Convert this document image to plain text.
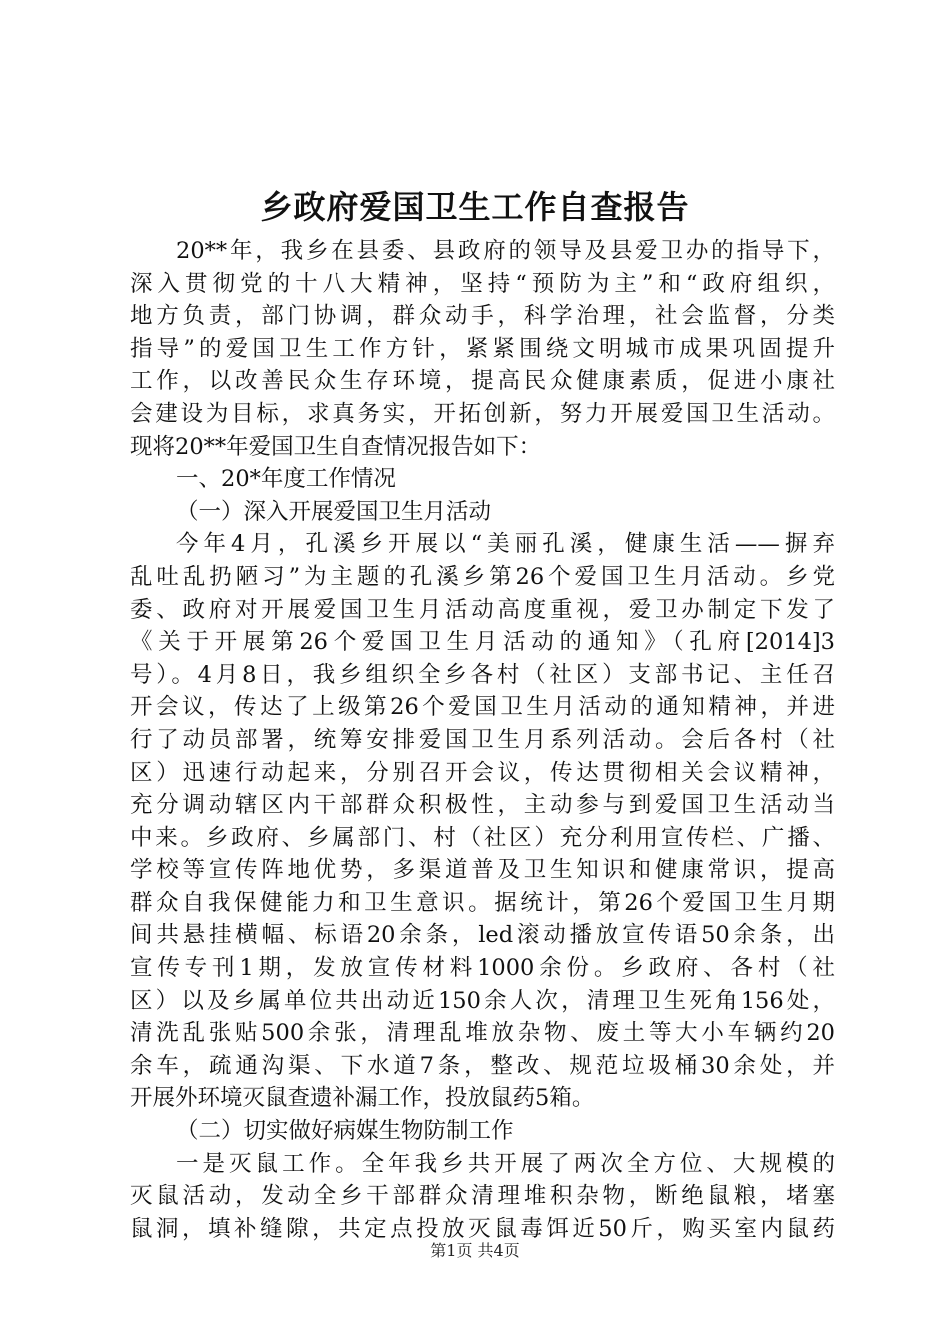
乡政府爱国卫生工作自查报告
20**年，我乡在县委、县政府的领导及县爱卫办的指导下，
深入贯彻党的十八大精神，坚持“预防为主”和“政府组织，
地方负责，部门协调，群众动手，科学治理，社会监督，分类
指导”的爱国卫生工作方针，紧紧围绕文明城市成果巩固提升
工作，以改善民众生存环境，提高民众健康素质，促进小康社
会建设为目标，求真务实，开拓创新，努力开展爱国卫生活动。
现将20**年爱国卫生自查情况报告如下：
一、20*年度工作情况
（一）深入开展爱国卫生月活动
今年4月，孔溪乡开展以“美丽孔溪，健康生活——摒弃
乱吐乱扔陋习”为主题的孔溪乡第26个爱国卫生月活动。乡党
委、政府对开展爱国卫生月活动高度重视，爱卫办制定下发了
《关于开展第26个爱国卫生月活动的通知》（孔府[2014]3
号）。4月8日，我乡组织全乡各村（社区）支部书记、主任召
开会议，传达了上级第26个爱国卫生月活动的通知精神，并进
行了动员部署，统筹安排爱国卫生月系列活动。会后各村（社
区）迅速行动起来，分别召开会议，传达贯彻相关会议精神，
充分调动辖区内干部群众积极性，主动参与到爱国卫生活动当
中来。乡政府、乡属部门、村（社区）充分利用宣传栏、广播、
学校等宣传阵地优势，多渠道普及卫生知识和健康常识，提高
群众自我保健能力和卫生意识。据统计，第26个爱国卫生月期
间共悬挂横幅、标语20余条，led滚动播放宣传语50余条，出
宣传专刊1期，发放宣传材料1000余份。乡政府、各村（社
区）以及乡属单位共出动近150余人次，清理卫生死角156处，
清洗乱张贴500余张，清理乱堆放杂物、废土等大小车辆约20
余车，疏通沟渠、下水道7条，整改、规范垃圾桶30余处，并
开展外环境灭鼠查遗补漏工作，投放鼠药5箱。
（二）切实做好病媒生物防制工作
一是灭鼠工作。全年我乡共开展了两次全方位、大规模的
灭鼠活动，发动全乡干部群众清理堆积杂物，断绝鼠粮，堵塞
鼠洞，填补缝隙，共定点投放灭鼠毒饵近50斤，购买室内鼠药
第1页 共4页
